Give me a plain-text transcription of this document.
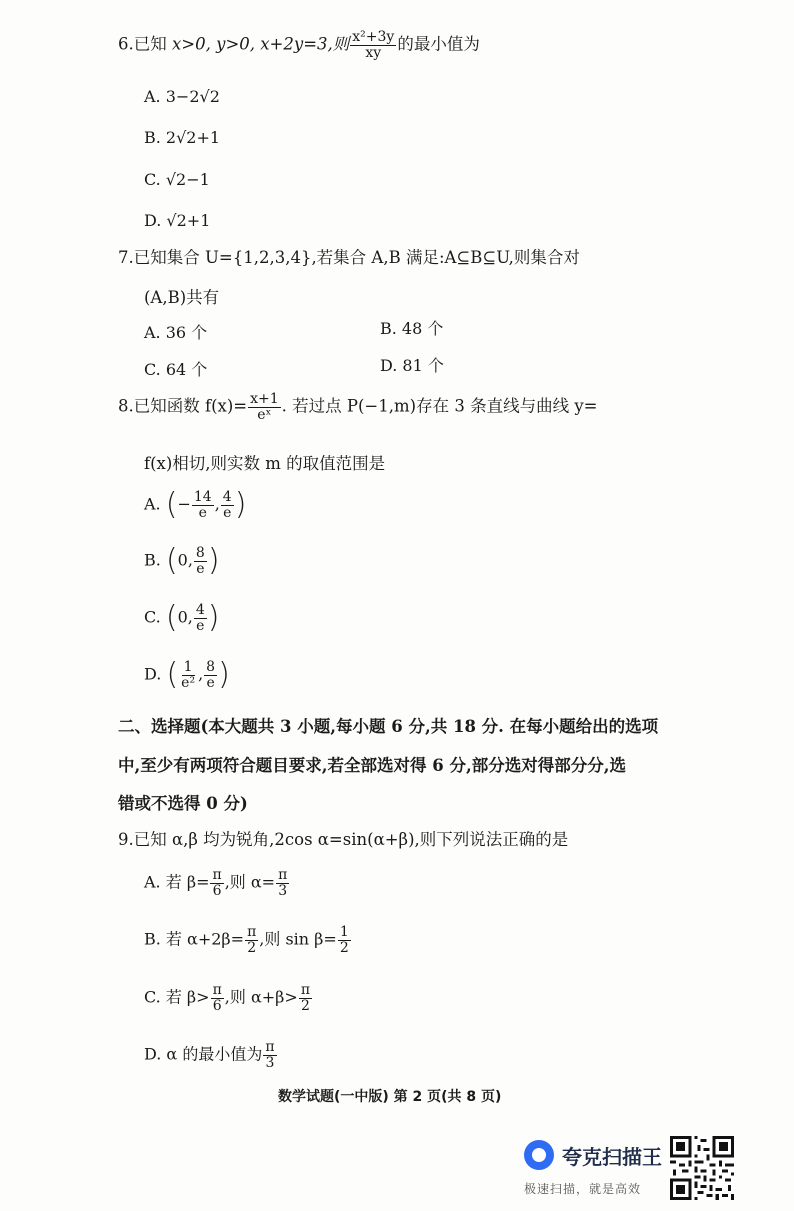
6.已知 x>0, y>0, x+2y=3,则 $\frac{\text{x²+3y}}{xy}$ 的最小值为
A. 3−2√2
B. 2√2+1
C. √2−1
D. √2+1
7.已知集合 U={1,2,3,4},若集合 A,B 满足:A⊆B⊆U,则集合对
(A,B)共有
A. 36 个	B. 48 个
C. 64 个	D. 81 个
8.已知函数 $f(x)= \frac{x+1}{\text{eˣ}}$ . 若过点 P(−1,m)存在 3 条直线与曲线 y=
f(x)相切,则实数 m 的取值范围是
A. (− $\frac{14}{e}$ , $\frac{4}{e}$ )
B. (0, $\frac{8}{e}$ )
C. (0, $\frac{4}{e}$ )
D. ( $\frac{1}{\text{e²}}$ , $\frac{8}{e}$ )
二、选择题(本大题共 3 小题,每小题 6 分,共 18 分. 在每小题给出的选项
中,至少有两项符合题目要求,若全部选对得 6 分,部分选对得部分分,选
错或不选得 0 分)
9.已知 α,β 均为锐角,2cos α=sin(α+β),则下列说法正确的是
A. 若 $\beta= \frac{\pi}{6}$ ,则 $\alpha= \frac{\pi}{3}$
B. 若 $\alpha+2\beta= \frac{\pi}{2}$ ,则 $\sin \beta= \frac{1}{2}$
C. 若 $\beta> \frac{\pi}{6}$ ,则 $\alpha+\beta> \frac{\pi}{2}$
D. α 的最小值为 $\frac{\pi}{3}$
数学试题(一中版) 第 2 页(共 8 页)
夸克扫描王
极速扫描，就是高效
